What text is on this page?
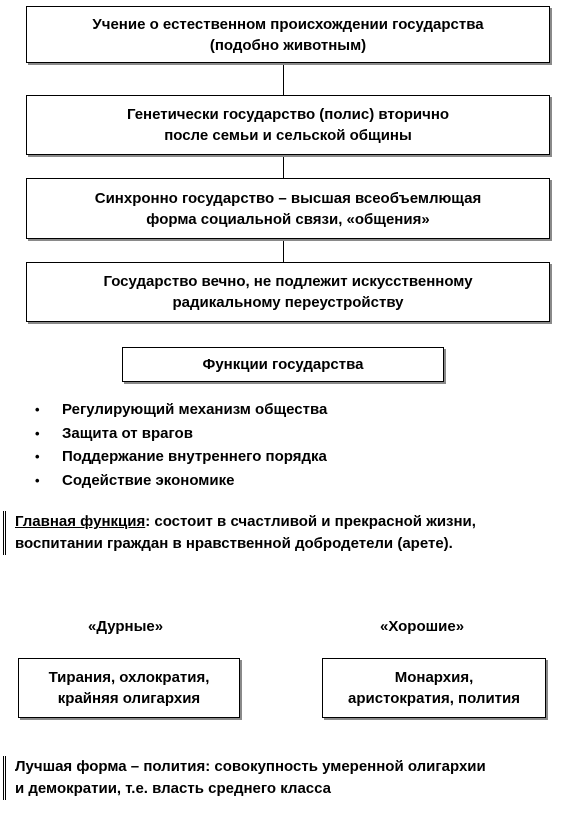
Учение о естественном происхождении государства
(подобно животным)
Генетически государство (полис) вторично
после семьи и сельской общины
Синхронно государство – высшая всеобъемлющая
форма социальной связи, «общения»
Государство вечно, не подлежит искусственному
радикальному переустройству
Функции государства
• Регулирующий механизм общества
• Защита от врагов
• Поддержание внутреннего порядка
• Содействие экономике
Главная функция: состоит в счастливой и прекрасной жизни,
воспитании граждан в нравственной добродетели (арете).
«Дурные»	«Хорошие»
Тирания, охлократия,
крайняя олигархия
Монархия,
аристократия, полития
Лучшая форма – полития: совокупность умеренной олигархии
и демократии, т.е. власть среднего класса
